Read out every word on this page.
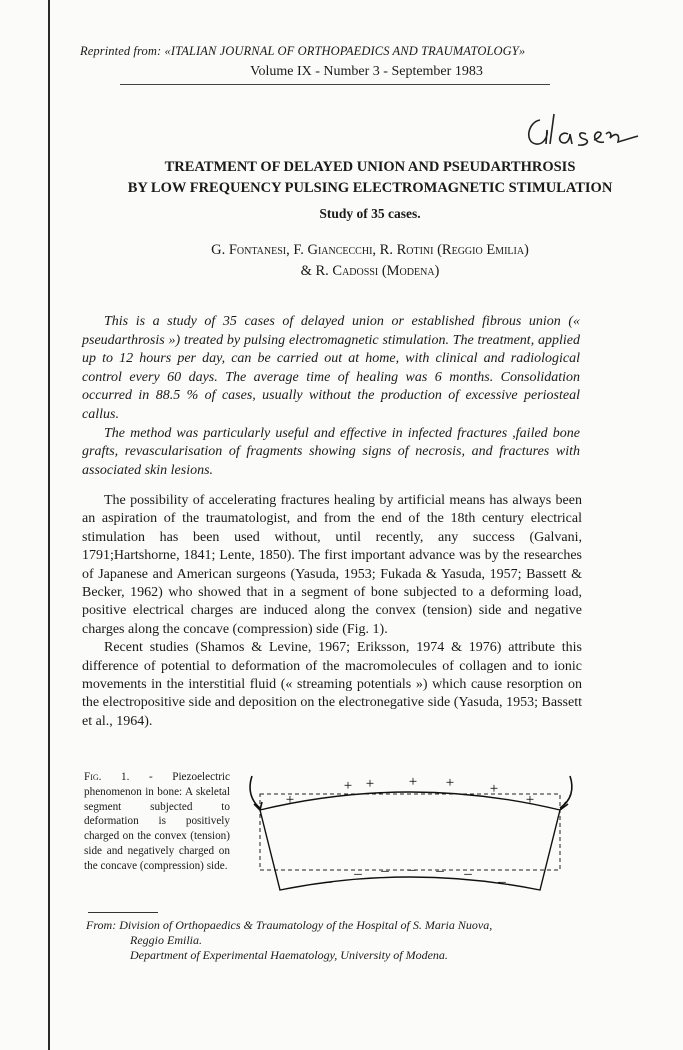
Reprinted from: «ITALIAN JOURNAL OF ORTHOPAEDICS AND TRAUMATOLOGY»
Volume IX - Number 3 - September 1983
TREATMENT OF DELAYED UNION AND PSEUDARTHROSIS
BY LOW FREQUENCY PULSING ELECTROMAGNETIC STIMULATION
Study of 35 cases.
G. Fontanesi, F. Giancecchi, R. Rotini (Reggio Emilia)
& R. Cadossi (Modena)

This is a study of 35 cases of delayed union or established fibrous union (« pseudarthrosis ») treated by pulsing electromagnetic stimulation. The treatment, applied up to 12 hours per day, can be carried out at home, with clinical and radiological control every 60 days. The average time of healing was 6 months. Consolidation occurred in 88.5 % of cases, usually without the production of excessive periosteal callus.

The method was particularly useful and effective in infected fractures ,failed bone grafts, revascularisation of fragments showing signs of necrosis, and fractures with associated skin lesions.

The possibility of accelerating fractures healing by artificial means has always been an aspiration of the traumatologist, and from the end of the 18th century electrical stimulation has been used without, until recently, any success (Galvani, 1791;Hartshorne, 1841; Lente, 1850). The first important advance was by the researches of Japanese and American surgeons (Yasuda, 1953; Fukada & Yasuda, 1957; Bassett & Becker, 1962) who showed that in a segment of bone subjected to a deforming load, positive electrical charges are induced along the convex (tension) side and negative charges along the concave (compression) side (Fig. 1).

Recent studies (Shamos & Levine, 1967; Eriksson, 1974 & 1976) attribute this difference of potential to deformation of the macromolecules of collagen and to ionic movements in the interstitial fluid (« streaming potentials ») which cause resorption on the electropositive side and deposition on the electronegative side (Yasuda, 1953; Bassett et al., 1964).

Fig. 1. - Piezoelectric phenomenon in bone: A skeletal segment subjected to deformation is positively charged on the convex (tension) side and negatively charged on the concave (compression) side.
+
+ + + + +
+
– – – – – – –
From: Division of Orthopaedics & Traumatology of the Hospital of S. Maria Nuova,
Reggio Emilia.
Department of Experimental Haematology, University of Modena.
